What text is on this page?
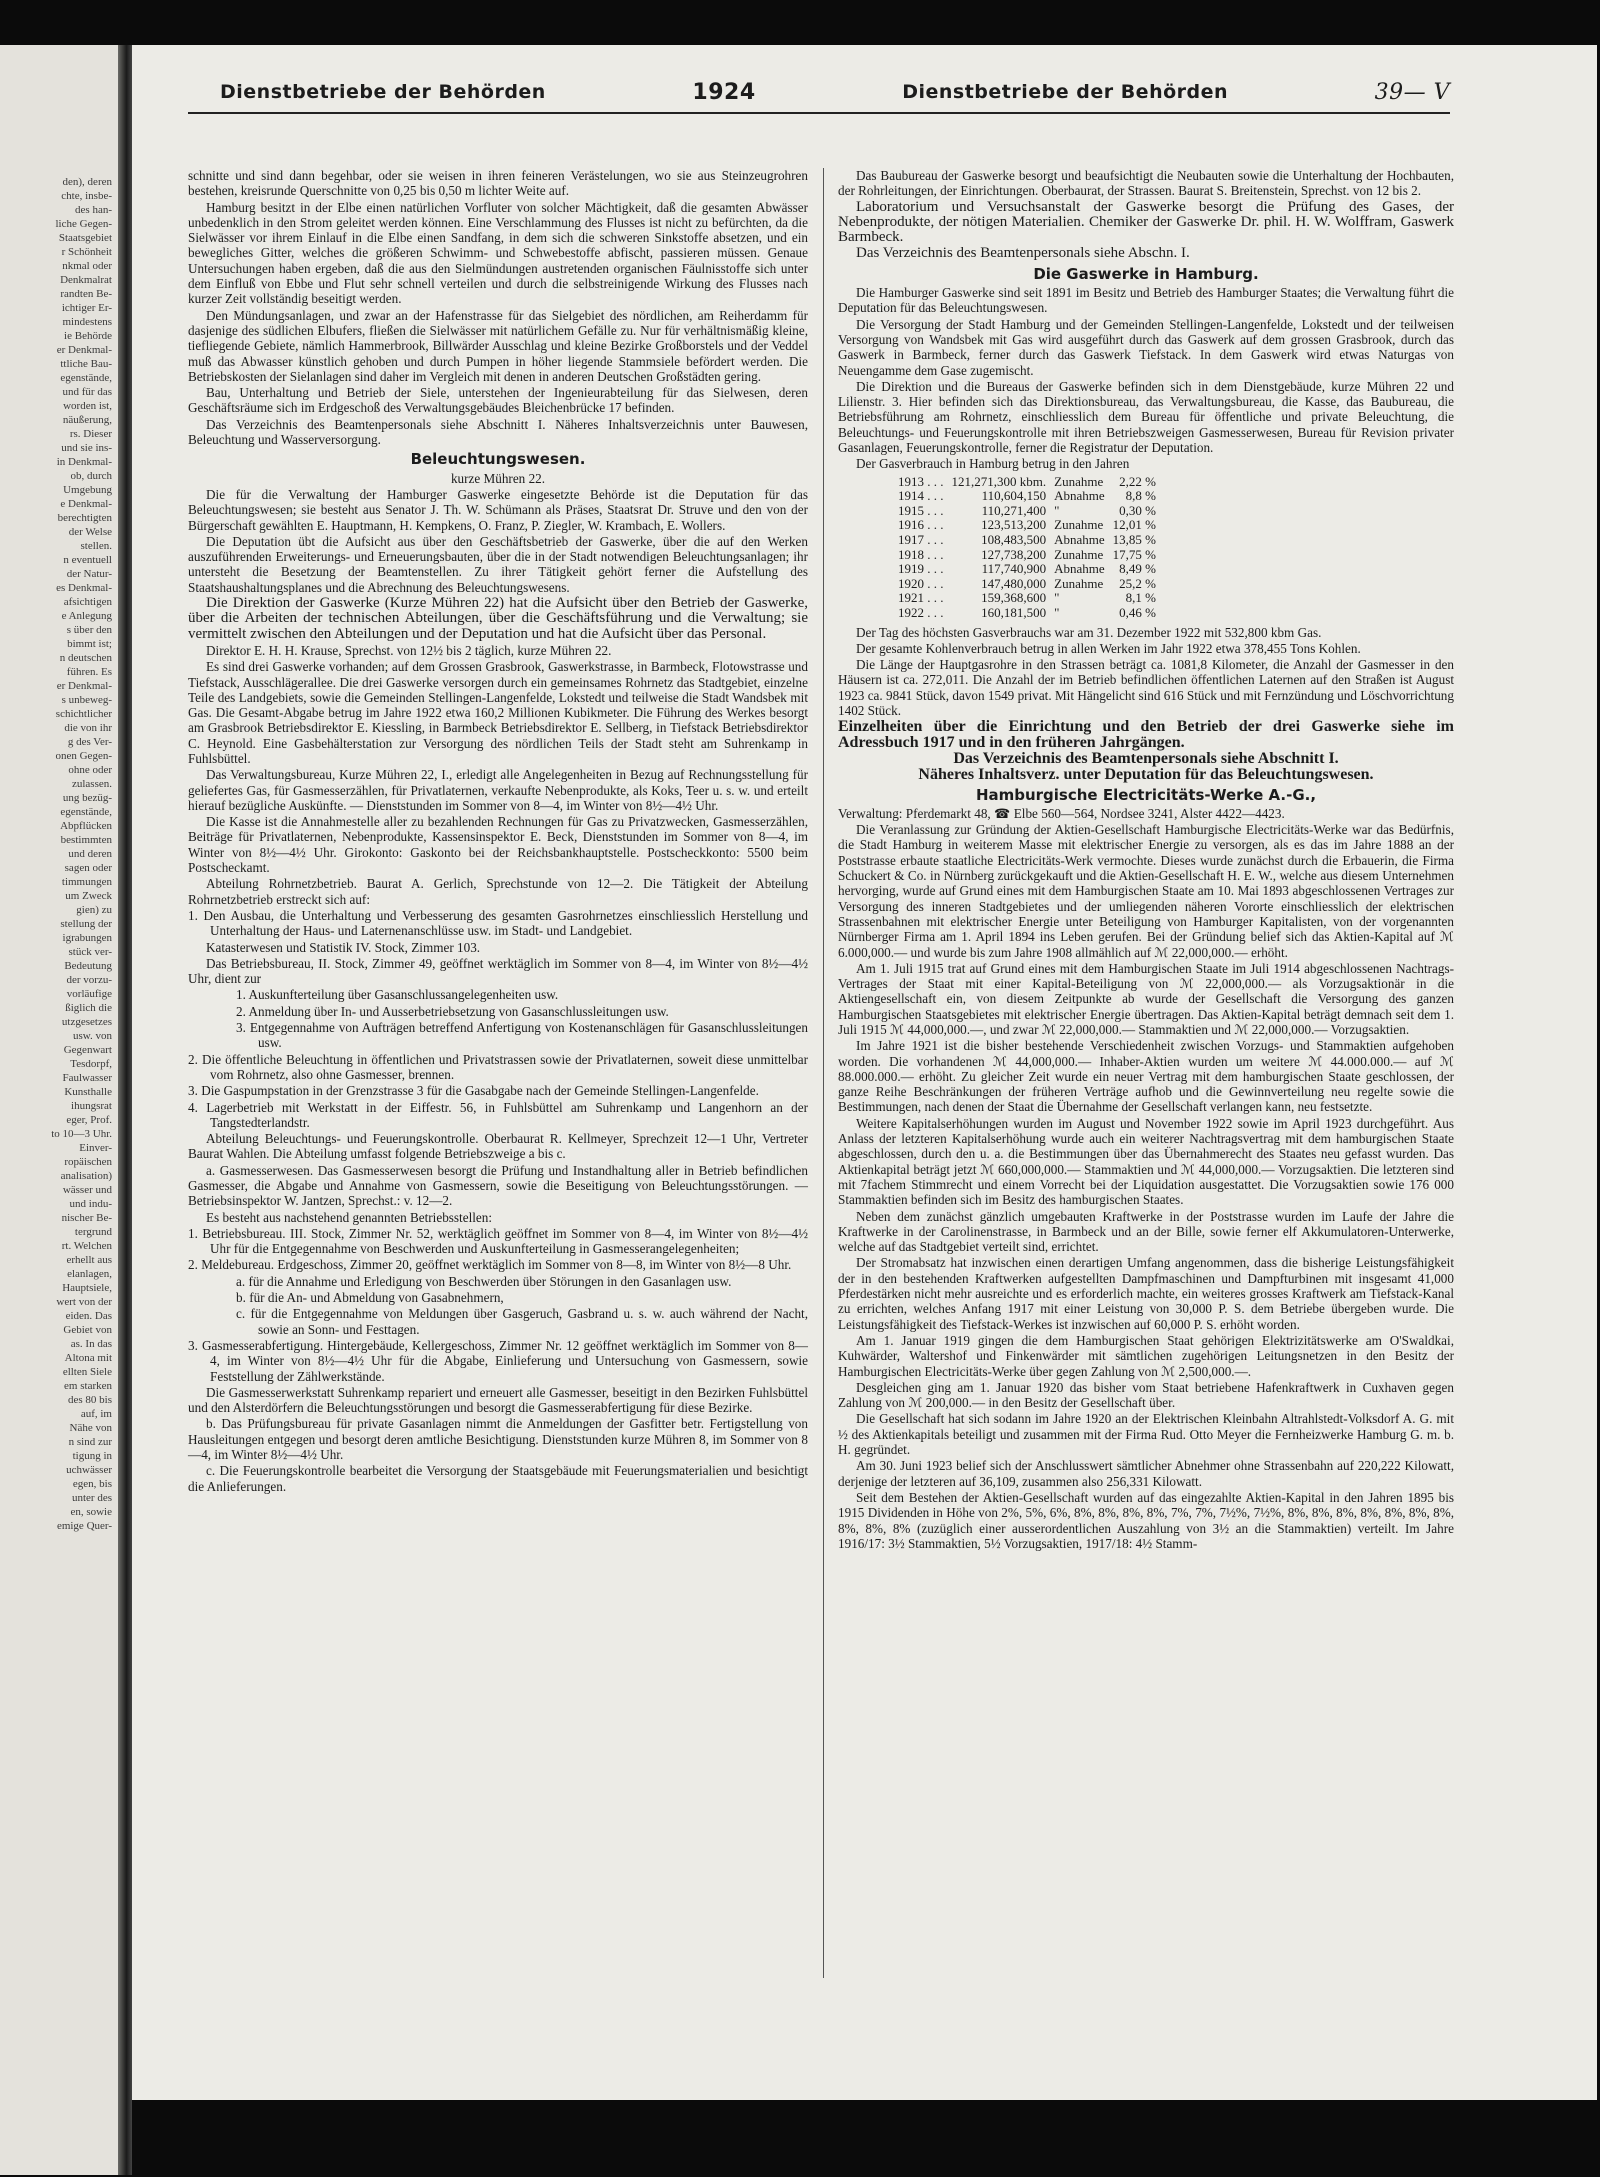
den), deren
chte, insbe-
des han-
liche Gegen-
Staatsgebiet
r Schönheit
nkmal oder
Denkmalrat
randten Be-
ichtiger Er-
mindestens
ie Behörde
er Denkmal-
ttliche Bau-
egenstände,
und für das
worden ist,
näußerung,
rs. Dieser
und sie ins-
in Denkmal-
ob, durch
Umgebung
e Denkmal-
berechtigten
der Welse
stellen.
n eventuell
der Natur-
es Denkmal-
afsichtigen
e Anlegung
s über den
bimmt ist;
n deutschen
führen. Es
er Denkmal-
s unbeweg-
schichtlicher
die von ihr
g des Ver-
onen Gegen-
ohne oder
zulassen.
ung bezüg-
egenstände,
Abpflücken
bestimmten
und deren
sagen oder
timmungen
um Zweck
gien) zu
stellung der
igrabungen
stück ver-
Bedeutung
der vorzu-
vorläufige
ßiglich die
utzgesetzes
usw. von
Gegenwart
Tesdorpf,
Faulwasser
Kunsthalle
ihungsrat
eger, Prof.
to 10—3 Uhr.
Einver-
ropäischen
analisation)
wässer und
und indu-
nischer Be-
tergrund
rt. Welchen
erhellt aus
elanlagen,
Hauptsiele,
wert von der
eiden. Das
Gebiet von
as. In das
Altona mit
ellten Siele
em starken
des 80 bis
auf, im
Nähe von
n sind zur
tigung in
uchwässer
egen, bis
unter des
en, sowie
emige Quer-
Dienstbetriebe der Behörden	1924	Dienstbetriebe der Behörden	39— V

schnitte und sind dann begehbar, oder sie weisen in ihren feineren Verästelungen, wo sie aus Steinzeugrohren bestehen, kreisrunde Querschnitte von 0,25 bis 0,50 m lichter Weite auf.

Hamburg besitzt in der Elbe einen natürlichen Vorfluter von solcher Mächtigkeit, daß die gesamten Abwässer unbedenklich in den Strom geleitet werden können. Eine Verschlammung des Flusses ist nicht zu befürchten, da die Sielwässer vor ihrem Einlauf in die Elbe einen Sandfang, in dem sich die schweren Sinkstoffe absetzen, und ein bewegliches Gitter, welches die größeren Schwimm- und Schwebestoffe abfischt, passieren müssen. Genaue Untersuchungen haben ergeben, daß die aus den Sielmündungen austretenden organischen Fäulnisstoffe sich unter dem Einfluß von Ebbe und Flut sehr schnell verteilen und durch die selbstreinigende Wirkung des Flusses nach kurzer Zeit vollständig beseitigt werden.

Den Mündungsanlagen, und zwar an der Hafenstrasse für das Sielgebiet des nördlichen, am Reiherdamm für dasjenige des südlichen Elbufers, fließen die Sielwässer mit natürlichem Gefälle zu. Nur für verhältnismäßig kleine, tiefliegende Gebiete, nämlich Hammerbrook, Billwärder Ausschlag und kleine Bezirke Großborstels und der Veddel muß das Abwasser künstlich gehoben und durch Pumpen in höher liegende Stammsiele befördert werden. Die Betriebskosten der Sielanlagen sind daher im Vergleich mit denen in anderen Deutschen Großstädten gering.

Bau, Unterhaltung und Betrieb der Siele, unterstehen der Ingenieurabteilung für das Sielwesen, deren Geschäftsräume sich im Erdgeschoß des Verwaltungsgebäudes Bleichenbrücke 17 befinden.

Das Verzeichnis des Beamtenpersonals siehe Abschnitt I. Näheres Inhaltsverzeichnis unter Bauwesen, Beleuchtung und Wasserversorgung.

Beleuchtungswesen.

kurze Mühren 22.

Die für die Verwaltung der Hamburger Gaswerke eingesetzte Behörde ist die Deputation für das Beleuchtungswesen; sie besteht aus Senator J. Th. W. Schümann als Präses, Staatsrat Dr. Struve und den von der Bürgerschaft gewählten E. Hauptmann, H. Kempkens, O. Franz, P. Ziegler, W. Krambach, E. Wollers.

Die Deputation übt die Aufsicht aus über den Geschäftsbetrieb der Gaswerke, über die auf den Werken auszuführenden Erweiterungs- und Erneuerungsbauten, über die in der Stadt notwendigen Beleuchtungsanlagen; ihr untersteht die Besetzung der Beamtenstellen. Zu ihrer Tätigkeit gehört ferner die Aufstellung des Staatshaushaltungsplanes und die Abrechnung des Beleuchtungswesens.

Die Direktion der Gaswerke (Kurze Mühren 22) hat die Aufsicht über den Betrieb der Gaswerke, über die Arbeiten der technischen Abteilungen, über die Geschäftsführung und die Verwaltung; sie vermittelt zwischen den Abteilungen und der Deputation und hat die Aufsicht über das Personal.

Direktor E. H. H. Krause, Sprechst. von 12½ bis 2 täglich, kurze Mühren 22.

Es sind drei Gaswerke vorhanden; auf dem Grossen Grasbrook, Gaswerkstrasse, in Barmbeck, Flotowstrasse und Tiefstack, Ausschlägerallee. Die drei Gaswerke versorgen durch ein gemeinsames Rohrnetz das Stadtgebiet, einzelne Teile des Landgebiets, sowie die Gemeinden Stellingen-Langenfelde, Lokstedt und teilweise die Stadt Wandsbek mit Gas. Die Gesamt-Abgabe betrug im Jahre 1922 etwa 160,2 Millionen Kubikmeter. Die Führung des Werkes besorgt am Grasbrook Betriebsdirektor E. Kiessling, in Barmbeck Betriebsdirektor E. Sellberg, in Tiefstack Betriebsdirektor C. Heynold. Eine Gasbehälterstation zur Versorgung des nördlichen Teils der Stadt steht am Suhrenkamp in Fuhlsbüttel.

Das Verwaltungsbureau, Kurze Mühren 22, I., erledigt alle Angelegenheiten in Bezug auf Rechnungsstellung für geliefertes Gas, für Gasmesserzählen, für Privatlaternen, verkaufte Nebenprodukte, als Koks, Teer u. s. w. und erteilt hierauf bezügliche Auskünfte. — Dienststunden im Sommer von 8—4, im Winter von 8½—4½ Uhr.

Die Kasse ist die Annahmestelle aller zu bezahlenden Rechnungen für Gas zu Privatzwecken, Gasmesserzählen, Beiträge für Privatlaternen, Nebenprodukte, Kassensinspektor E. Beck, Dienststunden im Sommer von 8—4, im Winter von 8½—4½ Uhr. Girokonto: Gaskonto bei der Reichsbankhauptstelle. Postscheckkonto: 5500 beim Postscheckamt.

Abteilung Rohrnetzbetrieb. Baurat A. Gerlich, Sprechstunde von 12—2. Die Tätigkeit der Abteilung Rohrnetzbetrieb erstreckt sich auf:

1. Den Ausbau, die Unterhaltung und Verbesserung des gesamten Gasrohrnetzes einschliesslich Herstellung und Unterhaltung der Haus- und Laternenanschlüsse usw. im Stadt- und Landgebiet.

Katasterwesen und Statistik IV. Stock, Zimmer 103.

Das Betriebsbureau, II. Stock, Zimmer 49, geöffnet werktäglich im Sommer von 8—4, im Winter von 8½—4½ Uhr, dient zur

1. Auskunfterteilung über Gasanschlussangelegenheiten usw.

2. Anmeldung über In- und Ausserbetriebsetzung von Gasanschlussleitungen usw.

3. Entgegennahme von Aufträgen betreffend Anfertigung von Kostenanschlägen für Gasanschlussleitungen usw.

2. Die öffentliche Beleuchtung in öffentlichen und Privatstrassen sowie der Privatlaternen, soweit diese unmittelbar vom Rohrnetz, also ohne Gasmesser, brennen.

3. Die Gaspumpstation in der Grenzstrasse 3 für die Gasabgabe nach der Gemeinde Stellingen-Langenfelde.

4. Lagerbetrieb mit Werkstatt in der Eiffestr. 56, in Fuhlsbüttel am Suhrenkamp und Langenhorn an der Tangstedterlandstr.

Abteilung Beleuchtungs- und Feuerungskontrolle. Oberbaurat R. Kellmeyer, Sprechzeit 12—1 Uhr, Vertreter Baurat Wahlen. Die Abteilung umfasst folgende Betriebszweige a bis c.

a. Gasmesserwesen. Das Gasmesserwesen besorgt die Prüfung und Instandhaltung aller in Betrieb befindlichen Gasmesser, die Abgabe und Annahme von Gasmessern, sowie die Beseitigung von Beleuchtungsstörungen. — Betriebsinspektor W. Jantzen, Sprechst.: v. 12—2.

Es besteht aus nachstehend genannten Betriebsstellen:

1. Betriebsbureau. III. Stock, Zimmer Nr. 52, werktäglich geöffnet im Sommer von 8—4, im Winter von 8½—4½ Uhr für die Entgegennahme von Beschwerden und Auskunfterteilung in Gasmesserangelegenheiten;

2. Meldebureau. Erdgeschoss, Zimmer 20, geöffnet werktäglich im Sommer von 8—8, im Winter von 8½—8 Uhr.

a. für die Annahme und Erledigung von Beschwerden über Störungen in den Gasanlagen usw.

b. für die An- und Abmeldung von Gasabnehmern,

c. für die Entgegennahme von Meldungen über Gasgeruch, Gasbrand u. s. w. auch während der Nacht, sowie an Sonn- und Festtagen.

3. Gasmesserabfertigung. Hintergebäude, Kellergeschoss, Zimmer Nr. 12 geöffnet werktäglich im Sommer von 8—4, im Winter von 8½—4½ Uhr für die Abgabe, Einlieferung und Untersuchung von Gasmessern, sowie Feststellung der Zählwerkstände.

Die Gasmesserwerkstatt Suhrenkamp repariert und erneuert alle Gasmesser, beseitigt in den Bezirken Fuhlsbüttel und den Alsterdörfern die Beleuchtungsstörungen und besorgt die Gasmesserabfertigung für diese Bezirke.

b. Das Prüfungsbureau für private Gasanlagen nimmt die Anmeldungen der Gasfitter betr. Fertigstellung von Hausleitungen entgegen und besorgt deren amtliche Besichtigung. Dienststunden kurze Mühren 8, im Sommer von 8—4, im Winter 8½—4½ Uhr.

c. Die Feuerungskontrolle bearbeitet die Versorgung der Staatsgebäude mit Feuerungsmaterialien und besichtigt die Anlieferungen.

Das Baubureau der Gaswerke besorgt und beaufsichtigt die Neubauten sowie die Unterhaltung der Hochbauten, der Rohrleitungen, der Einrichtungen. Oberbaurat, der Strassen. Baurat S. Breitenstein, Sprechst. von 12 bis 2.

Laboratorium und Versuchsanstalt der Gaswerke besorgt die Prüfung des Gases, der Nebenprodukte, der nötigen Materialien. Chemiker der Gaswerke Dr. phil. H. W. Wolffram, Gaswerk Barmbeck.

Das Verzeichnis des Beamtenpersonals siehe Abschn. I.

Die Gaswerke in Hamburg.

Die Hamburger Gaswerke sind seit 1891 im Besitz und Betrieb des Hamburger Staates; die Verwaltung führt die Deputation für das Beleuchtungswesen.

Die Versorgung der Stadt Hamburg und der Gemeinden Stellingen-Langenfelde, Lokstedt und der teilweisen Versorgung von Wandsbek mit Gas wird ausgeführt durch das Gaswerk auf dem grossen Grasbrook, durch das Gaswerk in Barmbeck, ferner durch das Gaswerk Tiefstack. In dem Gaswerk wird etwas Naturgas von Neuengamme dem Gase zugemischt.

Die Direktion und die Bureaus der Gaswerke befinden sich in dem Dienstgebäude, kurze Mühren 22 und Lilienstr. 3. Hier befinden sich das Direktionsbureau, das Verwaltungsbureau, die Kasse, das Baubureau, die Betriebsführung am Rohrnetz, einschliesslich dem Bureau für öffentliche und private Beleuchtung, die Beleuchtungs- und Feuerungskontrolle mit ihren Betriebszweigen Gasmesserwesen, Bureau für Revision privater Gasanlagen, Feuerungskontrolle, ferner die Registratur der Deputation.

Der Gasverbrauch in Hamburg betrug in den Jahren

1913 . . .	121,271,300 kbm.	Zunahme	2,22 %
1914 . . .	110,604,150	Abnahme	8,8 %
1915 . . .	110,271,400	"	0,30 %
1916 . . .	123,513,200	Zunahme	12,01 %
1917 . . .	108,483,500	Abnahme	13,85 %
1918 . . .	127,738,200	Zunahme	17,75 %
1919 . . .	117,740,900	Abnahme	8,49 %
1920 . . .	147,480,000	Zunahme	25,2 %
1921 . . .	159,368,600	"	8,1 %
1922 . . .	160,181,500	"	0,46 %

Der Tag des höchsten Gasverbrauchs war am 31. Dezember 1922 mit 532,800 kbm Gas.

Der gesamte Kohlenverbrauch betrug in allen Werken im Jahr 1922 etwa 378,455 Tons Kohlen.

Die Länge der Hauptgasrohre in den Strassen beträgt ca. 1081,8 Kilometer, die Anzahl der Gasmesser in den Häusern ist ca. 272,011. Die Anzahl der im Betrieb befindlichen öffentlichen Laternen auf den Straßen ist August 1923 ca. 9841 Stück, davon 1549 privat. Mit Hängelicht sind 616 Stück und mit Fernzündung und Löschvorrichtung 1402 Stück.

Einzelheiten über die Einrichtung und den Betrieb der drei Gaswerke siehe im Adressbuch 1917 und in den früheren Jahrgängen.

Das Verzeichnis des Beamtenpersonals siehe Abschnitt I.

Näheres Inhaltsverz. unter Deputation für das Beleuchtungswesen.

Hamburgische Electricitäts-Werke A.-G.,

Verwaltung: Pferdemarkt 48, ☎ Elbe 560—564, Nordsee 3241, Alster 4422—4423.

Die Veranlassung zur Gründung der Aktien-Gesellschaft Hamburgische Electricitäts-Werke war das Bedürfnis, die Stadt Hamburg in weiterem Masse mit elektrischer Energie zu versorgen, als es das im Jahre 1888 an der Poststrasse erbaute staatliche Electricitäts-Werk vermochte. Dieses wurde zunächst durch die Erbauerin, die Firma Schuckert & Co. in Nürnberg zurückgekauft und die Aktien-Gesellschaft H. E. W., welche aus diesem Unternehmen hervorging, wurde auf Grund eines mit dem Hamburgischen Staate am 10. Mai 1893 abgeschlossenen Vertrages zur Versorgung des inneren Stadtgebietes und der umliegenden näheren Vororte einschliesslich der elektrischen Strassenbahnen mit elektrischer Energie unter Beteiligung von Hamburger Kapitalisten, von der vorgenannten Nürnberger Firma am 1. April 1894 ins Leben gerufen. Bei der Gründung belief sich das Aktien-Kapital auf ℳ 6.000,000.— und wurde bis zum Jahre 1908 allmählich auf ℳ 22,000,000.— erhöht.

Am 1. Juli 1915 trat auf Grund eines mit dem Hamburgischen Staate im Juli 1914 abgeschlossenen Nachtrags-Vertrages der Staat mit einer Kapital-Beteiligung von ℳ 22,000,000.— als Vorzugsaktionär in die Aktiengesellschaft ein, von diesem Zeitpunkte ab wurde der Gesellschaft die Versorgung des ganzen Hamburgischen Staatsgebietes mit elektrischer Energie übertragen. Das Aktien-Kapital beträgt demnach seit dem 1. Juli 1915 ℳ 44,000,000.—, und zwar ℳ 22,000,000.— Stammaktien und ℳ 22,000,000.— Vorzugsaktien.

Im Jahre 1921 ist die bisher bestehende Verschiedenheit zwischen Vorzugs- und Stammaktien aufgehoben worden. Die vorhandenen ℳ 44,000,000.— Inhaber-Aktien wurden um weitere ℳ 44.000.000.— auf ℳ 88.000.000.— erhöht. Zu gleicher Zeit wurde ein neuer Vertrag mit dem hamburgischen Staate geschlossen, der ganze Reihe Beschränkungen der früheren Verträge aufhob und die Gewinnverteilung neu regelte sowie die Bestimmungen, nach denen der Staat die Übernahme der Gesellschaft verlangen kann, neu festsetzte.

Weitere Kapitalserhöhungen wurden im August und November 1922 sowie im April 1923 durchgeführt. Aus Anlass der letzteren Kapitalserhöhung wurde auch ein weiterer Nachtragsvertrag mit dem hamburgischen Staate abgeschlossen, durch den u. a. die Bestimmungen über das Übernahmerecht des Staates neu gefasst wurden. Das Aktienkapital beträgt jetzt ℳ 660,000,000.— Stammaktien und ℳ 44,000,000.— Vorzugsaktien. Die letzteren sind mit 7fachem Stimmrecht und einem Vorrecht bei der Liquidation ausgestattet. Die Vorzugsaktien sowie 176 000 Stammaktien befinden sich im Besitz des hamburgischen Staates.

Neben dem zunächst gänzlich umgebauten Kraftwerke in der Poststrasse wurden im Laufe der Jahre die Kraftwerke in der Carolinenstrasse, in Barmbeck und an der Bille, sowie ferner elf Akkumulatoren-Unterwerke, welche auf das Stadtgebiet verteilt sind, errichtet.

Der Stromabsatz hat inzwischen einen derartigen Umfang angenommen, dass die bisherige Leistungsfähigkeit der in den bestehenden Kraftwerken aufgestellten Dampfmaschinen und Dampfturbinen mit insgesamt 41,000 Pferdestärken nicht mehr ausreichte und es erforderlich machte, ein weiteres grosses Kraftwerk am Tiefstack-Kanal zu errichten, welches Anfang 1917 mit einer Leistung von 30,000 P. S. dem Betriebe übergeben wurde. Die Leistungsfähigkeit des Tiefstack-Werkes ist inzwischen auf 60,000 P. S. erhöht worden.

Am 1. Januar 1919 gingen die dem Hamburgischen Staat gehörigen Elektrizitätswerke am O'Swaldkai, Kuhwärder, Waltershof und Finkenwärder mit sämtlichen zugehörigen Leitungsnetzen in den Besitz der Hamburgischen Electricitäts-Werke über gegen Zahlung von ℳ 2,500,000.—.

Desgleichen ging am 1. Januar 1920 das bisher vom Staat betriebene Hafenkraftwerk in Cuxhaven gegen Zahlung von ℳ 200,000.— in den Besitz der Gesellschaft über.

Die Gesellschaft hat sich sodann im Jahre 1920 an der Elektrischen Kleinbahn Altrahlstedt-Volksdorf A. G. mit ½ des Aktienkapitals beteiligt und zusammen mit der Firma Rud. Otto Meyer die Fernheizwerke Hamburg G. m. b. H. gegründet.

Am 30. Juni 1923 belief sich der Anschlusswert sämtlicher Abnehmer ohne Strassenbahn auf 220,222 Kilowatt, derjenige der letzteren auf 36,109, zusammen also 256,331 Kilowatt.

Seit dem Bestehen der Aktien-Gesellschaft wurden auf das eingezahlte Aktien-Kapital in den Jahren 1895 bis 1915 Dividenden in Höhe von 2%, 5%, 6%, 8%, 8%, 8%, 8%, 7%, 7%, 7½%, 7½%, 8%, 8%, 8%, 8%, 8%, 8%, 8%, 8%, 8%, 8% (zuzüglich einer ausserordentlichen Auszahlung von 3½ an die Stammaktien) verteilt. Im Jahre 1916/17: 3½ Stammaktien, 5½ Vorzugsaktien, 1917/18: 4½ Stamm-
